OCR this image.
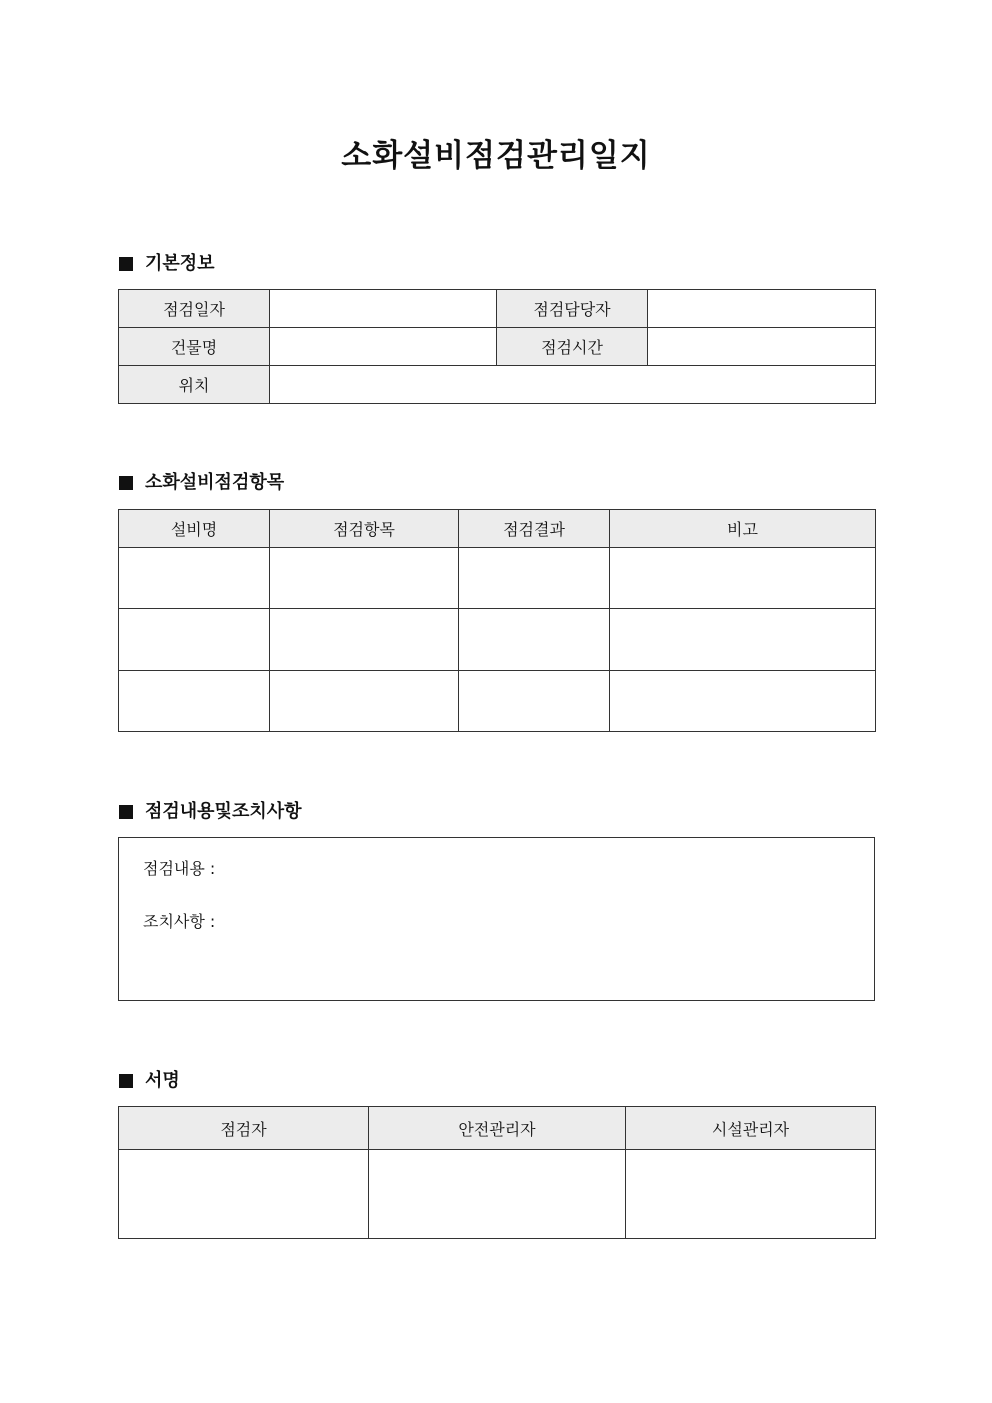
소화설비점검관리일지
기본정보
점검일자		점검담당자	
건물명		점검시간	
위치			
소화설비점검항목
설비명	점검항목	점검결과	비고

점검내용및조치사항
점검내용 :
조치사항 :
서명
점검자	안전관리자	시설관리자
